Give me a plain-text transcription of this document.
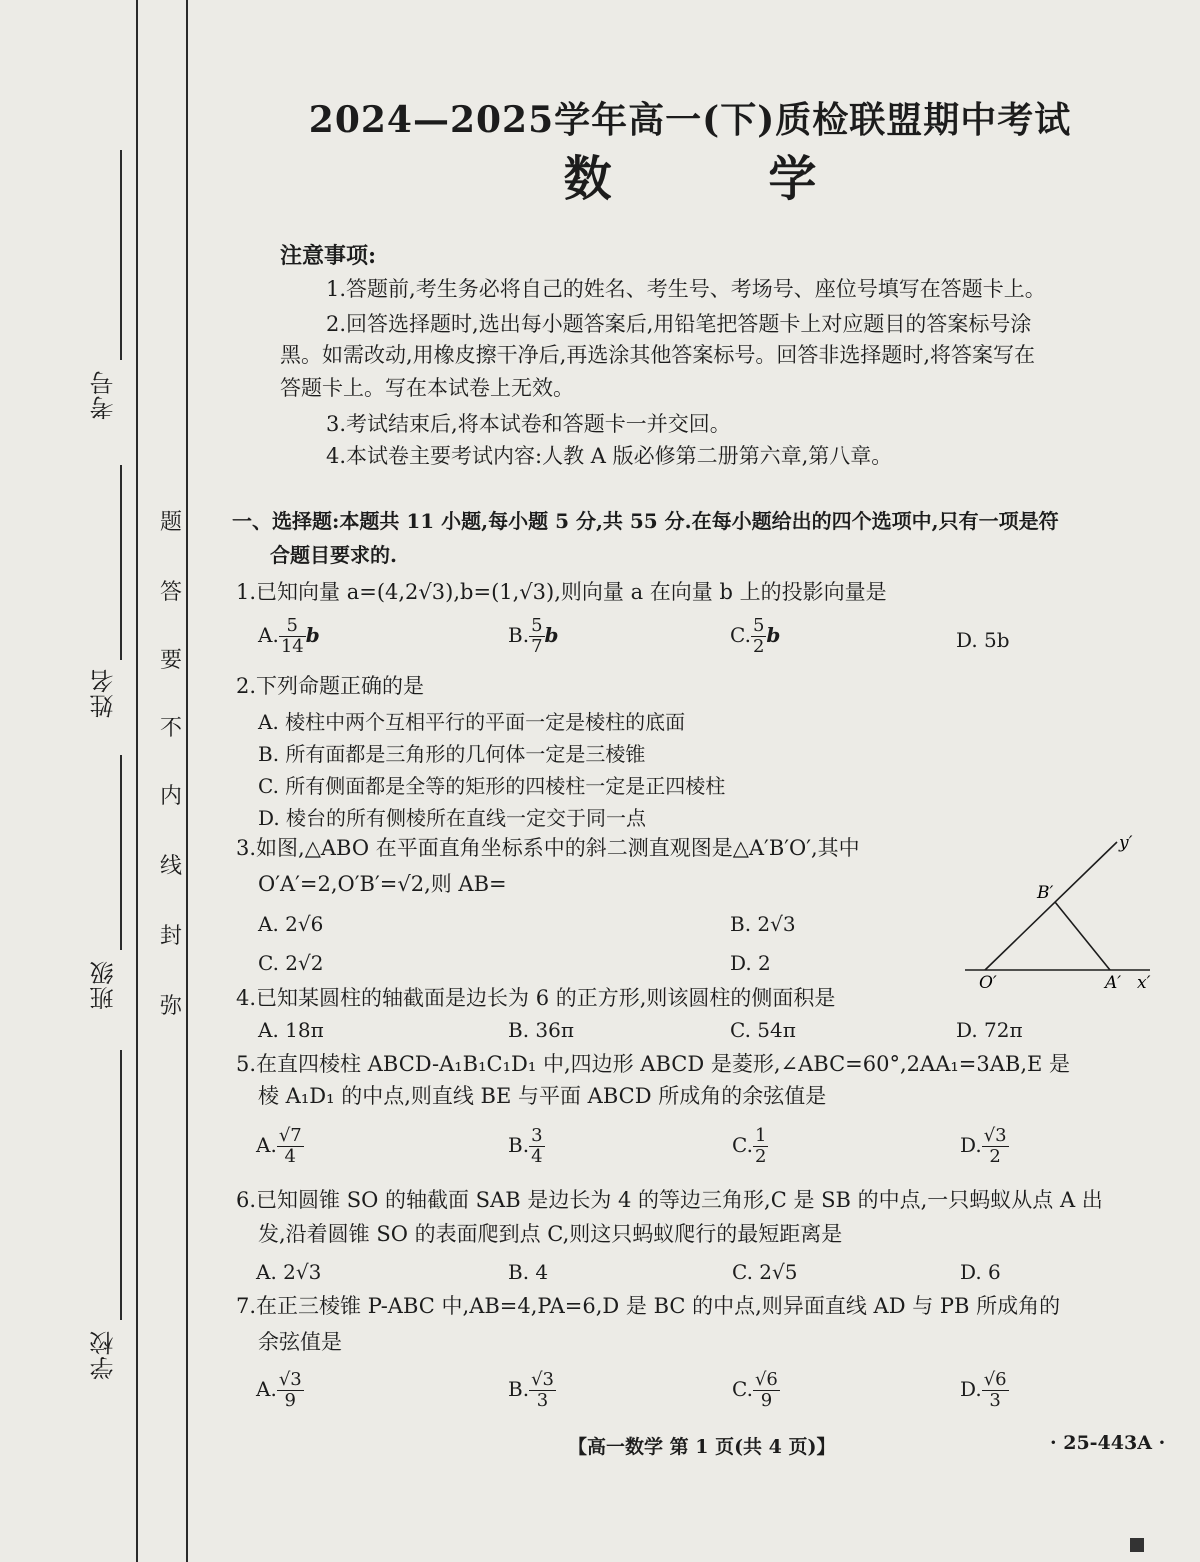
考号
姓名
班级
学校
题
答
要
不
内
线
封
弥
2024—2025学年高一(下)质检联盟期中考试
数 学
注意事项:
1.答题前,考生务必将自己的姓名、考生号、考场号、座位号填写在答题卡上。
2.回答选择题时,选出每小题答案后,用铅笔把答题卡上对应题目的答案标号涂
黑。如需改动,用橡皮擦干净后,再选涂其他答案标号。回答非选择题时,将答案写在
答题卡上。写在本试卷上无效。
3.考试结束后,将本试卷和答题卡一并交回。
4.本试卷主要考试内容:人教 A 版必修第二册第六章,第八章。
一、选择题:本题共 11 小题,每小题 5 分,共 55 分.在每小题给出的四个选项中,只有一项是符
合题目要求的.
1.已知向量 a=(4,2√3),b=(1,√3),则向量 a 在向量 b 上的投影向量是
A. $\frac{5}{14}$ b	B. $\frac{5}{7}$ b	C. $\frac{5}{2}$ b	D. 5b
2.下列命题正确的是
A. 棱柱中两个互相平行的平面一定是棱柱的底面
B. 所有面都是三角形的几何体一定是三棱锥
C. 所有侧面都是全等的矩形的四棱柱一定是正四棱柱
D. 棱台的所有侧棱所在直线一定交于同一点
3.如图,△ABO 在平面直角坐标系中的斜二测直观图是△A′B′O′,其中
O′A′=2,O′B′=√2,则 AB=
A. 2√6	B. 2√3
C. 2√2	D. 2
y′
B′
O′	A′ x′
4.已知某圆柱的轴截面是边长为 6 的正方形,则该圆柱的侧面积是
A. 18π	B. 36π	C. 54π	D. 72π
5.在直四棱柱 ABCD-A₁B₁C₁D₁ 中,四边形 ABCD 是菱形,∠ABC=60°,2AA₁=3AB,E 是
棱 A₁D₁ 的中点,则直线 BE 与平面 ABCD 所成角的余弦值是
A. $\frac{√7}{4}$	B. $\frac{3}{4}$	C. $\frac{1}{2}$	D. $\frac{√3}{2}$
6.已知圆锥 SO 的轴截面 SAB 是边长为 4 的等边三角形,C 是 SB 的中点,一只蚂蚁从点 A 出
发,沿着圆锥 SO 的表面爬到点 C,则这只蚂蚁爬行的最短距离是
A. 2√3	B. 4	C. 2√5	D. 6
7.在正三棱锥 P-ABC 中,AB=4,PA=6,D 是 BC 的中点,则异面直线 AD 与 PB 所成角的
余弦值是
A. $\frac{√3}{9}$	B. $\frac{√3}{3}$	C. $\frac{√6}{9}$	D. $\frac{√6}{3}$
【高一数学 第 1 页(共 4 页)】	· 25-443A ·
